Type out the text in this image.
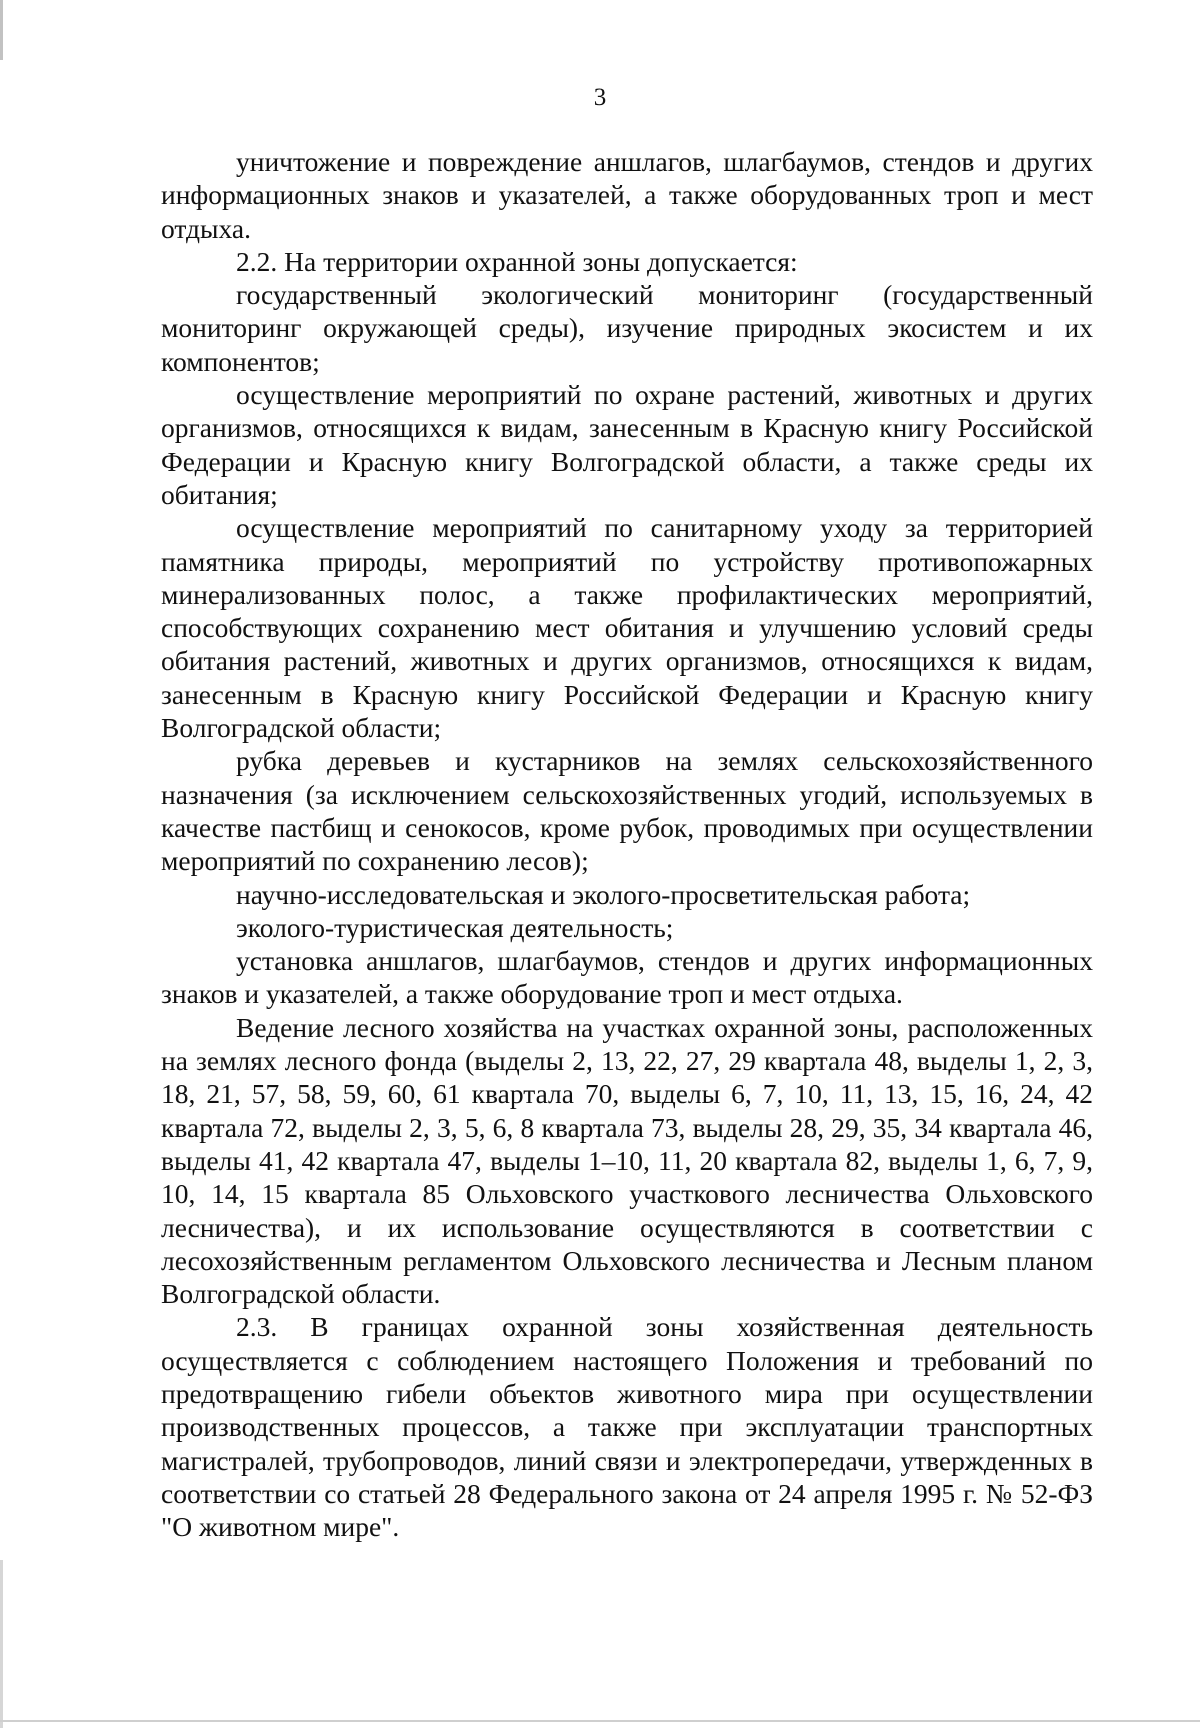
3

уничтожение и повреждение аншлагов, шлагбаумов, стендов и других информационных знаков и указателей, а также оборудованных троп и мест отдыха.

2.2. На территории охранной зоны допускается:

государственный экологический мониторинг (государственный мониторинг окружающей среды), изучение природных экосистем и их компонентов;

осуществление мероприятий по охране растений, животных и других организмов, относящихся к видам, занесенным в Красную книгу Российской Федерации и Красную книгу Волгоградской области, а также среды их обитания;

осуществление мероприятий по санитарному уходу за территорией памятника природы, мероприятий по устройству противопожарных минерализованных полос, а также профилактических мероприятий, способствующих сохранению мест обитания и улучшению условий среды обитания растений, животных и других организмов, относящихся к видам, занесенным в Красную книгу Российской Федерации и Красную книгу Волгоградской области;

рубка деревьев и кустарников на землях сельскохозяйственного назначения (за исключением сельскохозяйственных угодий, используемых в качестве пастбищ и сенокосов, кроме рубок, проводимых при осуществлении мероприятий по сохранению лесов);

научно-исследовательская и эколого-просветительская работа;

эколого-туристическая деятельность;

установка аншлагов, шлагбаумов, стендов и других информационных знаков и указателей, а также оборудование троп и мест отдыха.

Ведение лесного хозяйства на участках охранной зоны, расположенных на землях лесного фонда (выделы 2, 13, 22, 27, 29 квартала 48, выделы 1, 2, 3, 18, 21, 57, 58, 59, 60, 61 квартала 70, выделы 6, 7, 10, 11, 13, 15, 16, 24, 42 квартала 72, выделы 2, 3, 5, 6, 8 квартала 73, выделы 28, 29, 35, 34 квартала 46, выделы 41, 42 квартала 47, выделы 1–10, 11, 20 квартала 82, выделы 1, 6, 7, 9, 10, 14, 15 квартала 85 Ольховского участкового лесничества Ольховского лесничества), и их использование осуществляются в соответствии с лесохозяйственным регламентом Ольховского лесничества и Лесным планом Волгоградской области.

2.3. В границах охранной зоны хозяйственная деятельность осуществляется с соблюдением настоящего Положения и требований по предотвращению гибели объектов животного мира при осуществлении производственных процессов, а также при эксплуатации транспортных магистралей, трубопроводов, линий связи и электропередачи, утвержденных в соответствии со статьей 28 Федерального закона от 24 апреля 1995 г. № 52-ФЗ "О животном мире".
